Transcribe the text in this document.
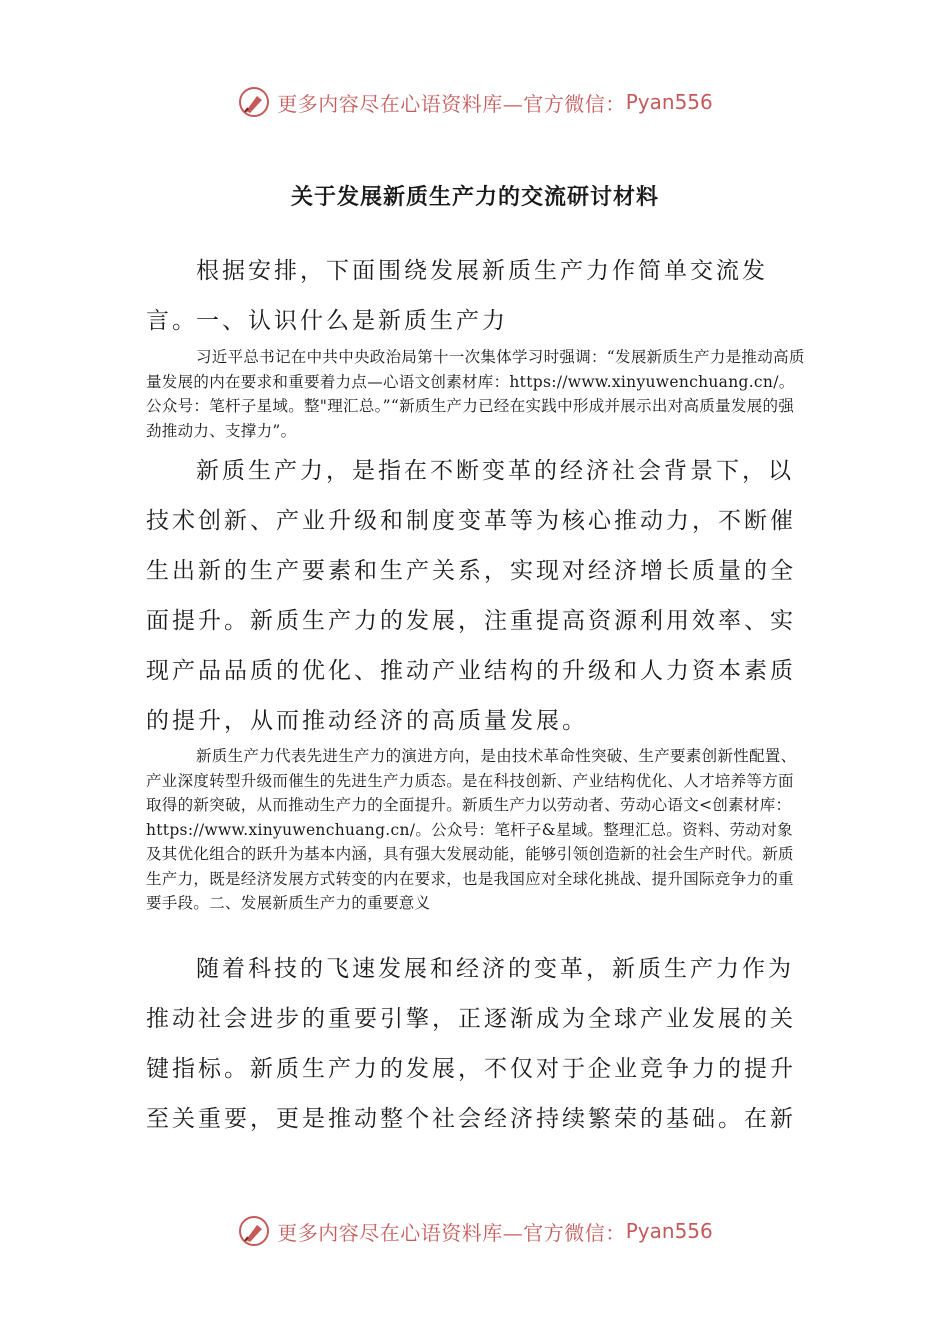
更多内容尽在心语资料库—官方微信： Pyan556
关于发展新质生产力的交流研讨材料
根据安排，下面围绕发展新质生产力作简单交流发言。
一、认识什么是新质生产力
习近平总书记在中共中央政治局第十一次集体学习时强调：“发展新质生产力是推动高质量发展的内在要求和重要着力点—心语文创素材库：https://www.xinyuwenchuang.cn/。公众号：笔杆子星域。整"理汇总。”“新质生产力已经在实践中形成并展示出对高质量发展的强劲推动力、支撑力”。
新质生产力，是指在不断变革的经济社会背景下，以技术创新、产业升级和制度变革等为核心推动力，不断催生出新的生产要素和生产关系，实现对经济增长质量的全面提升。新质生产力的发展，注重提高资源利用效率、实现产品品质的优化、推动产业结构的升级和人力资本素质的提升，从而推动经济的高质量发展。
新质生产力代表先进生产力的演进方向，是由技术革命性突破、生产要素创新性配置、产业深度转型升级而催生的先进生产力质态。是在科技创新、产业结构优化、人才培养等方面取得的新突破，从而推动生产力的全面提升。新质生产力以劳动者、劳动心语文<创素材库：https://www.xinyuwenchuang.cn/。公众号：笔杆子&星域。整理汇总。资料、劳动对象及其优化组合的跃升为基本内涵，具有强大发展动能，能够引领创造新的社会生产时代。新质生产力，既是经济发展方式转变的内在要求，也是我国应对全球化挑战、提升国际竞争力的重要手段。二、发展新质生产力的重要意义
随着科技的飞速发展和经济的变革，新质生产力作为推动社会进步的重要引擎，正逐渐成为全球产业发展的关键指标。新质生产力的发展，不仅对于企业竞争力的提升至关重要，更是推动整个社会经济持续繁荣的基础。在新
更多内容尽在心语资料库—官方微信： Pyan556
